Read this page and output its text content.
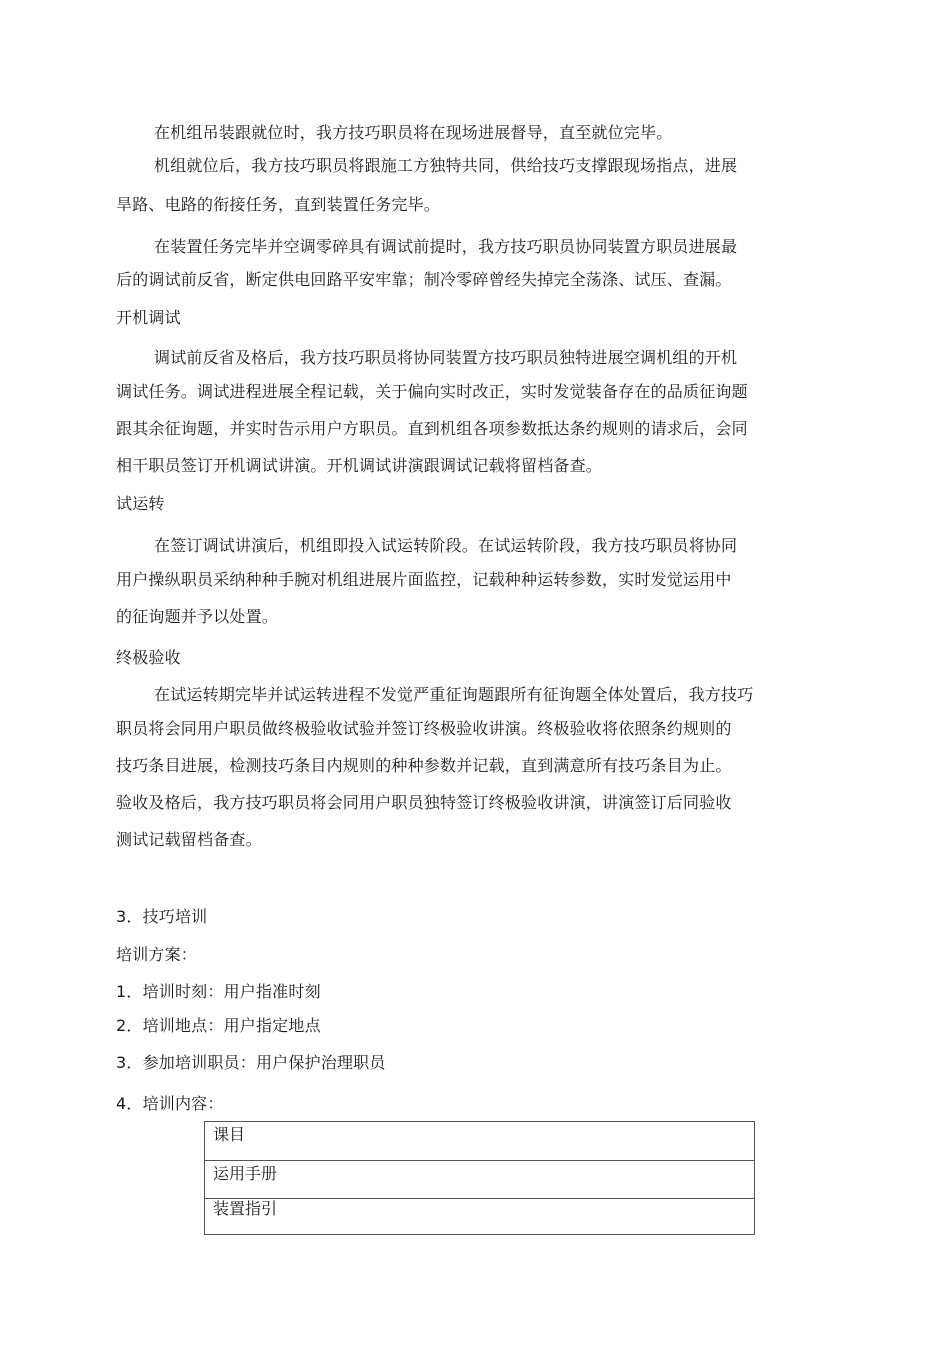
在机组吊装跟就位时，我方技巧职员将在现场进展督导，直至就位完毕。
机组就位后，我方技巧职员将跟施工方独特共同，供给技巧支撑跟现场指点，进展
旱路、电路的衔接任务，直到装置任务完毕。
在装置任务完毕并空调零碎具有调试前提时，我方技巧职员协同装置方职员进展最
后的调试前反省，断定供电回路平安牢靠；制冷零碎曾经失掉完全荡涤、试压、查漏。
开机调试
调试前反省及格后，我方技巧职员将协同装置方技巧职员独特进展空调机组的开机
调试任务。调试进程进展全程记载，关于偏向实时改正，实时发觉装备存在的品质征询题
跟其余征询题，并实时告示用户方职员。直到机组各项参数抵达条约规则的请求后，会同
相干职员签订开机调试讲演。开机调试讲演跟调试记载将留档备查。
试运转
在签订调试讲演后，机组即投入试运转阶段。在试运转阶段，我方技巧职员将协同
用户操纵职员采纳种种手腕对机组进展片面监控，记载种种运转参数，实时发觉运用中
的征询题并予以处置。
终极验收
在试运转期完毕并试运转进程不发觉严重征询题跟所有征询题全体处置后，我方技巧
职员将会同用户职员做终极验收试验并签订终极验收讲演。终极验收将依照条约规则的
技巧条目进展，检测技巧条目内规则的种种参数并记载，直到满意所有技巧条目为止。
验收及格后，我方技巧职员将会同用户职员独特签订终极验收讲演，讲演签订后同验收
测试记载留档备查。
3．技巧培训
培训方案：
1．培训时刻：用户指准时刻
2．培训地点：用户指定地点
3．参加培训职员：用户保护治理职员
4．培训内容：
课目
运用手册
装置指引
